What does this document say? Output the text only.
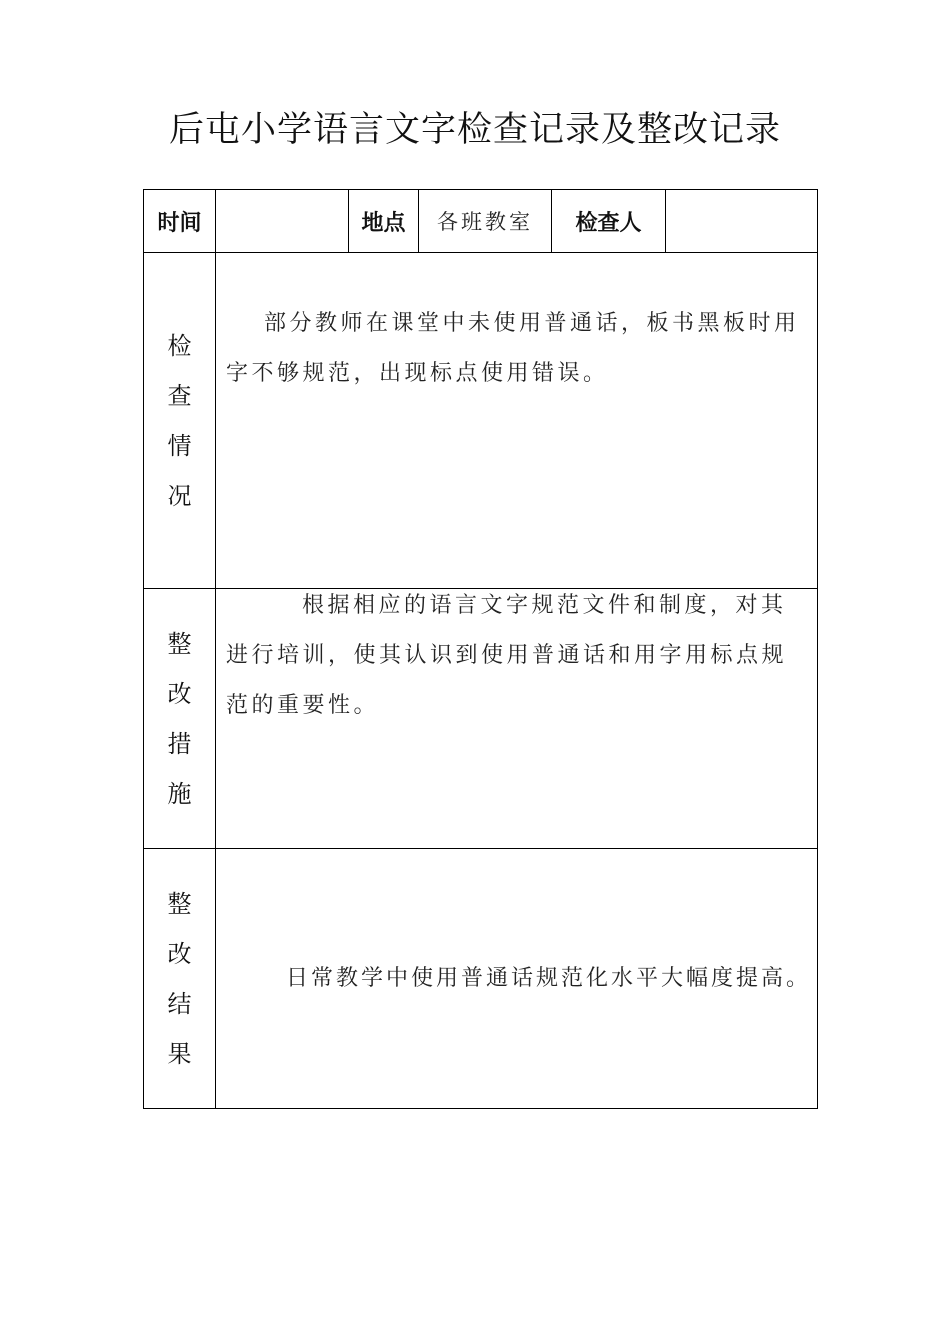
后屯小学语言文字检查记录及整改记录
时间		地点	各班教室	检查人	

检
查
情
况	部分教师在课堂中未使用普通话，板书黑板时用字不够规范，出现标点使用错误。				

整
改
措
施	根据相应的语言文字规范文件和制度，对其进行培训，使其认识到使用普通话和用字用标点规范的重要性。				

整
改
结
果	日常教学中使用普通话规范化水平大幅度提高。				
